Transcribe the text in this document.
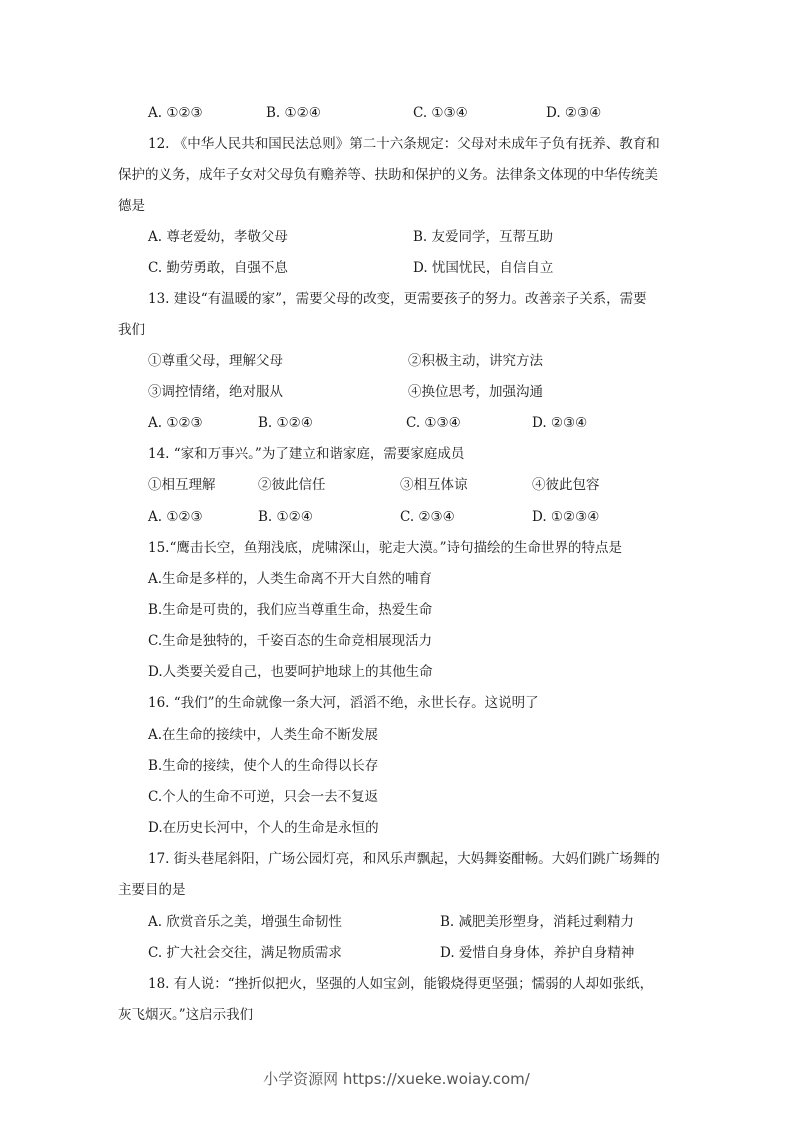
A. ①②③	B. ①②④	C. ①③④	D. ②③④
12. 《中华人民共和国民法总则》第二十六条规定：父母对未成年子负有抚养、教育和
保护的义务，成年子女对父母负有赡养等、扶助和保护的义务。法律条文体现的中华传统美
德是
A. 尊老爱幼，孝敬父母	B. 友爱同学，互帮互助
C. 勤劳勇敢，自强不息	D. 忧国忧民，自信自立
13. 建设“有温暖的家”，需要父母的改变，更需要孩子的努力。改善亲子关系，需要
我们
①尊重父母，理解父母	②积极主动，讲究方法
③调控情绪，绝对服从	④换位思考，加强沟通
A. ①②③	B. ①②④	C. ①③④	D. ②③④
14. “家和万事兴。”为了建立和谐家庭，需要家庭成员
①相互理解	②彼此信任	③相互体谅	④彼此包容
A. ①②③	B. ①②④	C. ②③④	D. ①②③④
15.“鹰击长空，鱼翔浅底，虎啸深山，驼走大漠。”诗句描绘的生命世界的特点是
A.生命是多样的，人类生命离不开大自然的哺育
B.生命是可贵的，我们应当尊重生命，热爱生命
C.生命是独特的，千姿百态的生命竞相展现活力
D.人类要关爱自己，也要呵护地球上的其他生命
16. “我们”的生命就像一条大河，滔滔不绝，永世长存。这说明了
A.在生命的接续中，人类生命不断发展
B.生命的接续，使个人的生命得以长存
C.个人的生命不可逆，只会一去不复返
D.在历史长河中，个人的生命是永恒的
17. 街头巷尾斜阳，广场公园灯亮，和风乐声飘起，大妈舞姿酣畅。大妈们跳广场舞的
主要目的是
A. 欣赏音乐之美，增强生命韧性	B. 减肥美形塑身，消耗过剩精力
C. 扩大社会交往，满足物质需求	D. 爱惜自身身体，养护自身精神
18. 有人说：“挫折似把火，坚强的人如宝剑，能锻烧得更坚强；懦弱的人却如张纸，
灰飞烟灭。”这启示我们
小学资源网 https://xueke.woiay.com/
